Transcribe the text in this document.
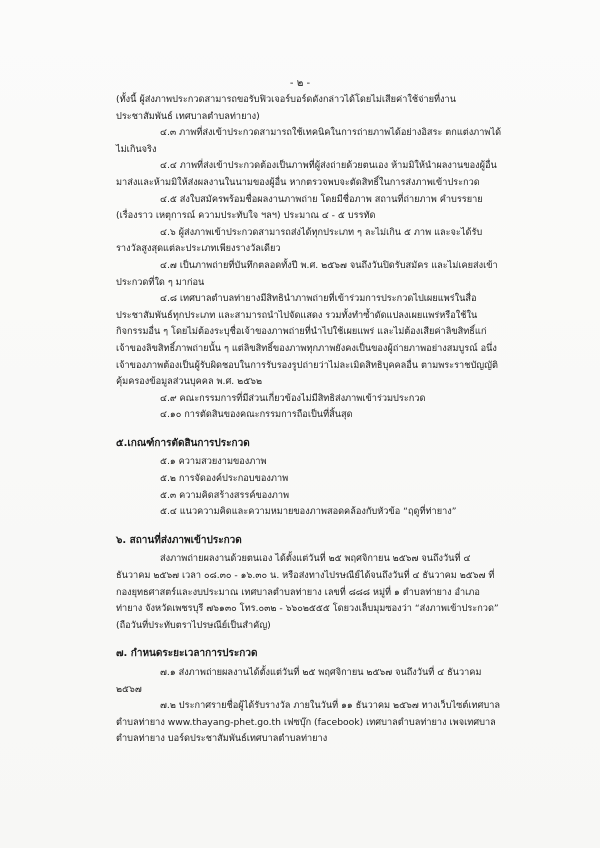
- ๒ -

(ทั้งนี้ ผู้ส่งภาพประกวดสามารถขอรับฟิวเจอร์บอร์ดดังกล่าวได้โดยไม่เสียค่าใช้จ่ายที่งานประชาสัมพันธ์ เทศบาลตำบลท่ายาง)

๔.๓ ภาพที่ส่งเข้าประกวดสามารถใช้เทคนิคในการถ่ายภาพได้อย่างอิสระ ตกแต่งภาพได้ไม่เกินจริง

๔.๔ ภาพที่ส่งเข้าประกวดต้องเป็นภาพที่ผู้ส่งถ่ายด้วยตนเอง ห้ามมิให้นำผลงานของผู้อื่นมาส่งและห้ามมิให้ส่งผลงานในนามของผู้อื่น หากตรวจพบจะตัดสิทธิ์ในการส่งภาพเข้าประกวด

๔.๕ ส่งใบสมัครพร้อมชื่อผลงานภาพถ่าย โดยมีชื่อภาพ สถานที่ถ่ายภาพ คำบรรยาย (เรื่องราว เหตุการณ์ ความประทับใจ ฯลฯ) ประมาณ ๔ - ๕ บรรทัด

๔.๖ ผู้ส่งภาพเข้าประกวดสามารถส่งได้ทุกประเภท ๆ ละไม่เกิน ๕ ภาพ และจะได้รับรางวัลสูงสุดแต่ละประเภทเพียงรางวัลเดียว

๔.๗ เป็นภาพถ่ายที่บันทึกตลอดทั้งปี พ.ศ. ๒๕๖๗ จนถึงวันปิดรับสมัคร และไม่เคยส่งเข้าประกวดที่ใด ๆ มาก่อน

๔.๘ เทศบาลตำบลท่ายางมีสิทธินำภาพถ่ายที่เข้าร่วมการประกวดไปเผยแพร่ในสื่อประชาสัมพันธ์ทุกประเภท และสามารถนำไปจัดแสดง รวมทั้งทำซ้ำดัดแปลงเผยแพร่หรือใช้ในกิจกรรมอื่น ๆ โดยไม่ต้องระบุชื่อเจ้าของภาพถ่ายที่นำไปใช้เผยแพร่ และไม่ต้องเสียค่าลิขสิทธิ์แก่เจ้าของลิขสิทธิ์ภาพถ่ายนั้น ๆ แต่ลิขสิทธิ์ของภาพทุกภาพยังคงเป็นของผู้ถ่ายภาพอย่างสมบูรณ์ อนึ่ง เจ้าของภาพต้องเป็นผู้รับผิดชอบในการรับรองรูปถ่ายว่าไม่ละเมิดสิทธิบุคคลอื่น ตามพระราชบัญญัติคุ้มครองข้อมูลส่วนบุคคล พ.ศ. ๒๕๖๒

๔.๙ คณะกรรมการที่มีส่วนเกี่ยวข้องไม่มีสิทธิส่งภาพเข้าร่วมประกวด

๔.๑๐ การตัดสินของคณะกรรมการถือเป็นที่สิ้นสุด

๕.เกณฑ์การตัดสินการประกวด

๕.๑ ความสวยงามของภาพ

๕.๒ การจัดองค์ประกอบของภาพ

๕.๓ ความคิดสร้างสรรค์ของภาพ

๕.๔ แนวความคิดและความหมายของภาพสอดคล้องกับหัวข้อ “ฤดูที่ท่ายาง”

๖. สถานที่ส่งภาพเข้าประกวด

ส่งภาพถ่ายผลงานด้วยตนเอง ได้ตั้งแต่วันที่ ๒๕ พฤศจิกายน ๒๕๖๗ จนถึงวันที่ ๔ ธันวาคม ๒๕๖๗ เวลา ๐๘.๓๐ - ๑๖.๓๐ น. หรือส่งทางไปรษณีย์ได้จนถึงวันที่ ๔ ธันวาคม ๒๕๖๗ ที่กองยุทธศาสตร์และงบประมาณ เทศบาลตำบลท่ายาง เลขที่ ๘๘๘ หมู่ที่ ๑ ตำบลท่ายาง อำเภอท่ายาง จังหวัดเพชรบุรี ๗๖๑๓๐ โทร.๐๓๒ - ๖๖๐๒๕๕๕ โดยวงเล็บมุมซองว่า “ส่งภาพเข้าประกวด” (ถือวันที่ประทับตราไปรษณีย์เป็นสำคัญ)

๗. กำหนดระยะเวลาการประกวด

๗.๑ ส่งภาพถ่ายผลงานได้ตั้งแต่วันที่ ๒๕ พฤศจิกายน ๒๕๖๗ จนถึงวันที่ ๔ ธันวาคม ๒๕๖๗

๗.๒ ประกาศรายชื่อผู้ได้รับรางวัล ภายในวันที่ ๑๑ ธันวาคม ๒๕๖๗ ทางเว็บไซต์เทศบาลตำบลท่ายาง www.thayang-phet.go.th เฟซบุ๊ก (facebook) เทศบาลตำบลท่ายาง เพจเทศบาลตำบลท่ายาง บอร์ดประชาสัมพันธ์เทศบาลตำบลท่ายาง
